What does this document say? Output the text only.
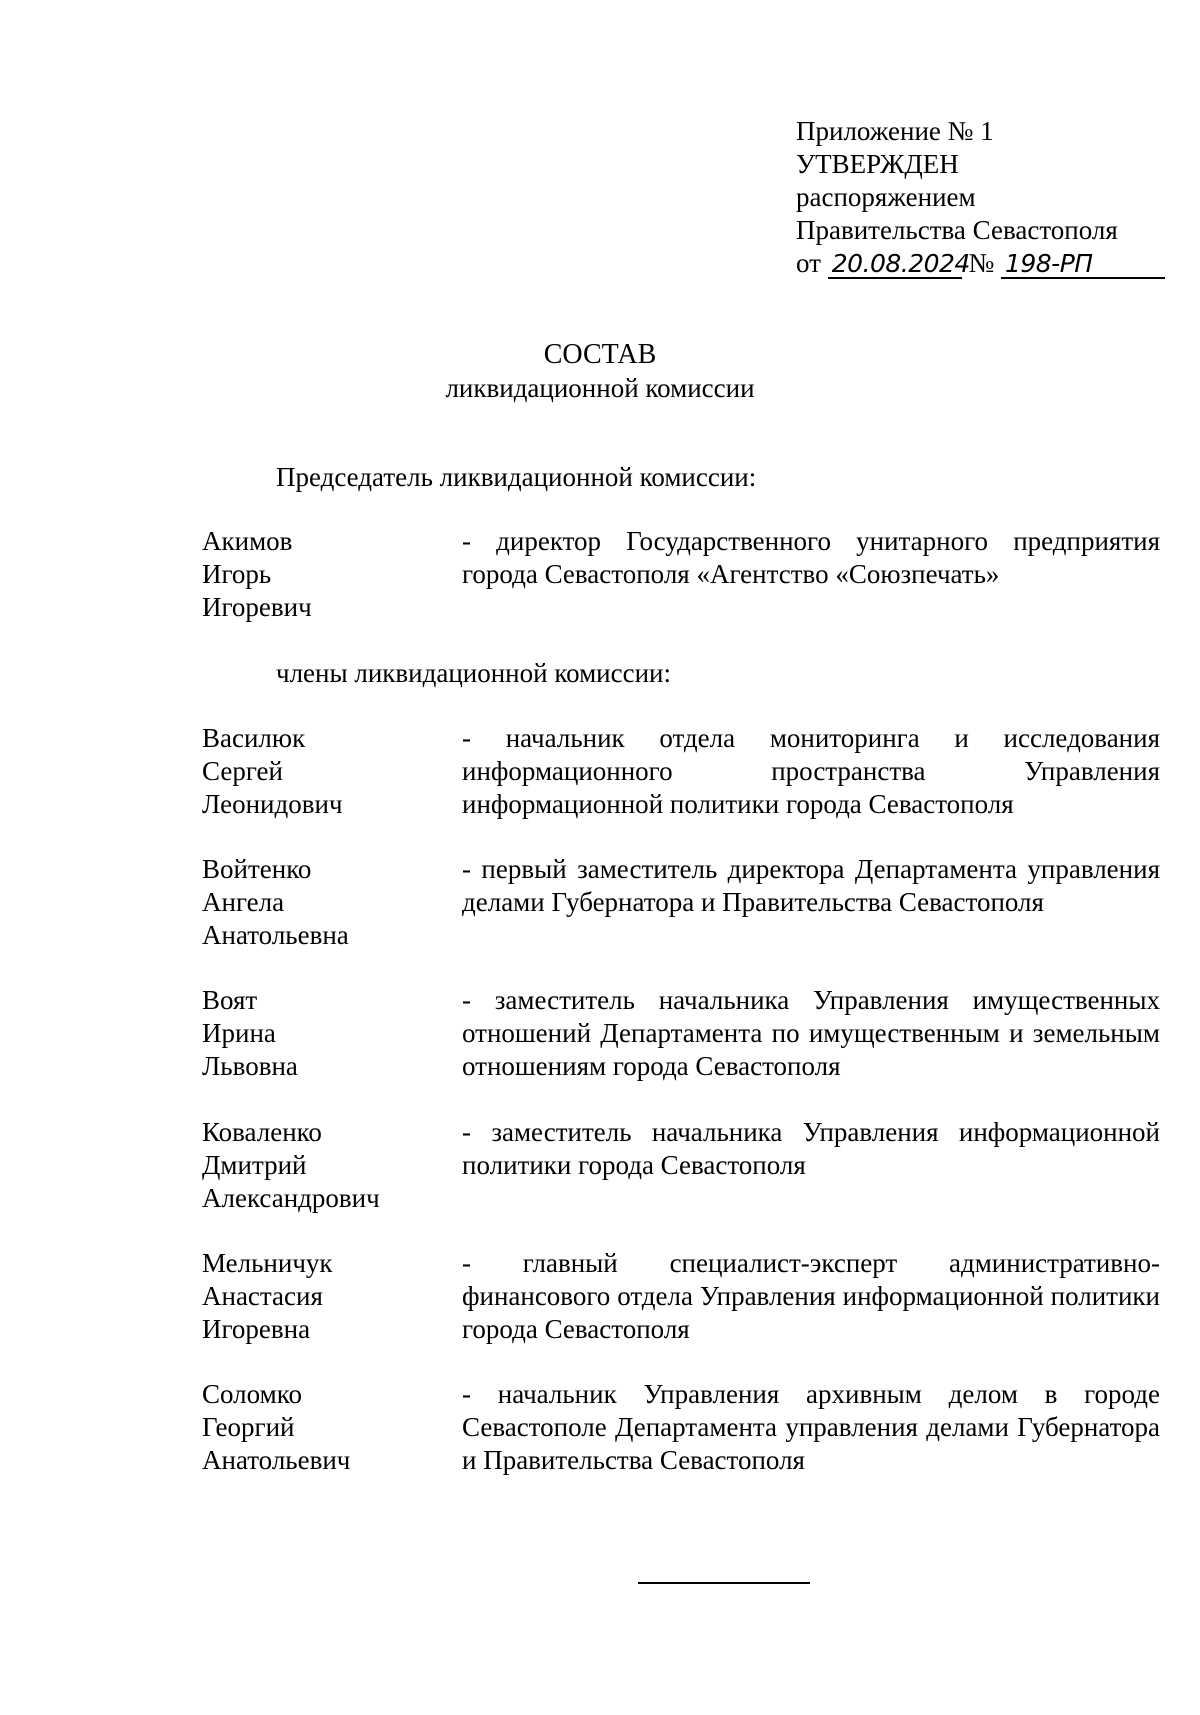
Приложение № 1
УТВЕРЖДЕН
распоряжением
Правительства Севастополя
от 20.08.2024 № 198-РП
СОСТАВ
ликвидационной комиссии
Председатель ликвидационной комиссии:
Акимов
Игорь
Игоревич
- директор Государственного унитарного предприятия города Севастополя «Агентство «Союзпечать»
члены ликвидационной комиссии:
Василюк
Сергей
Леонидович
- начальник отдела мониторинга и исследования информационного пространства Управления информационной политики города Севастополя
Войтенко
Ангела
Анатольевна
- первый заместитель директора Департамента управления делами Губернатора и Правительства Севастополя
Воят
Ирина
Львовна
- заместитель начальника Управления имущественных отношений Департамента по имущественным и земельным отношениям города Севастополя
Коваленко
Дмитрий
Александрович
- заместитель начальника Управления информационной политики города Севастополя
Мельничук
Анастасия
Игоревна
- главный специалист-эксперт административно-финансового отдела Управления информационной политики города Севастополя
Соломко
Георгий
Анатольевич
- начальник Управления архивным делом в городе Севастополе Департамента управления делами Губернатора и Правительства Севастополя
